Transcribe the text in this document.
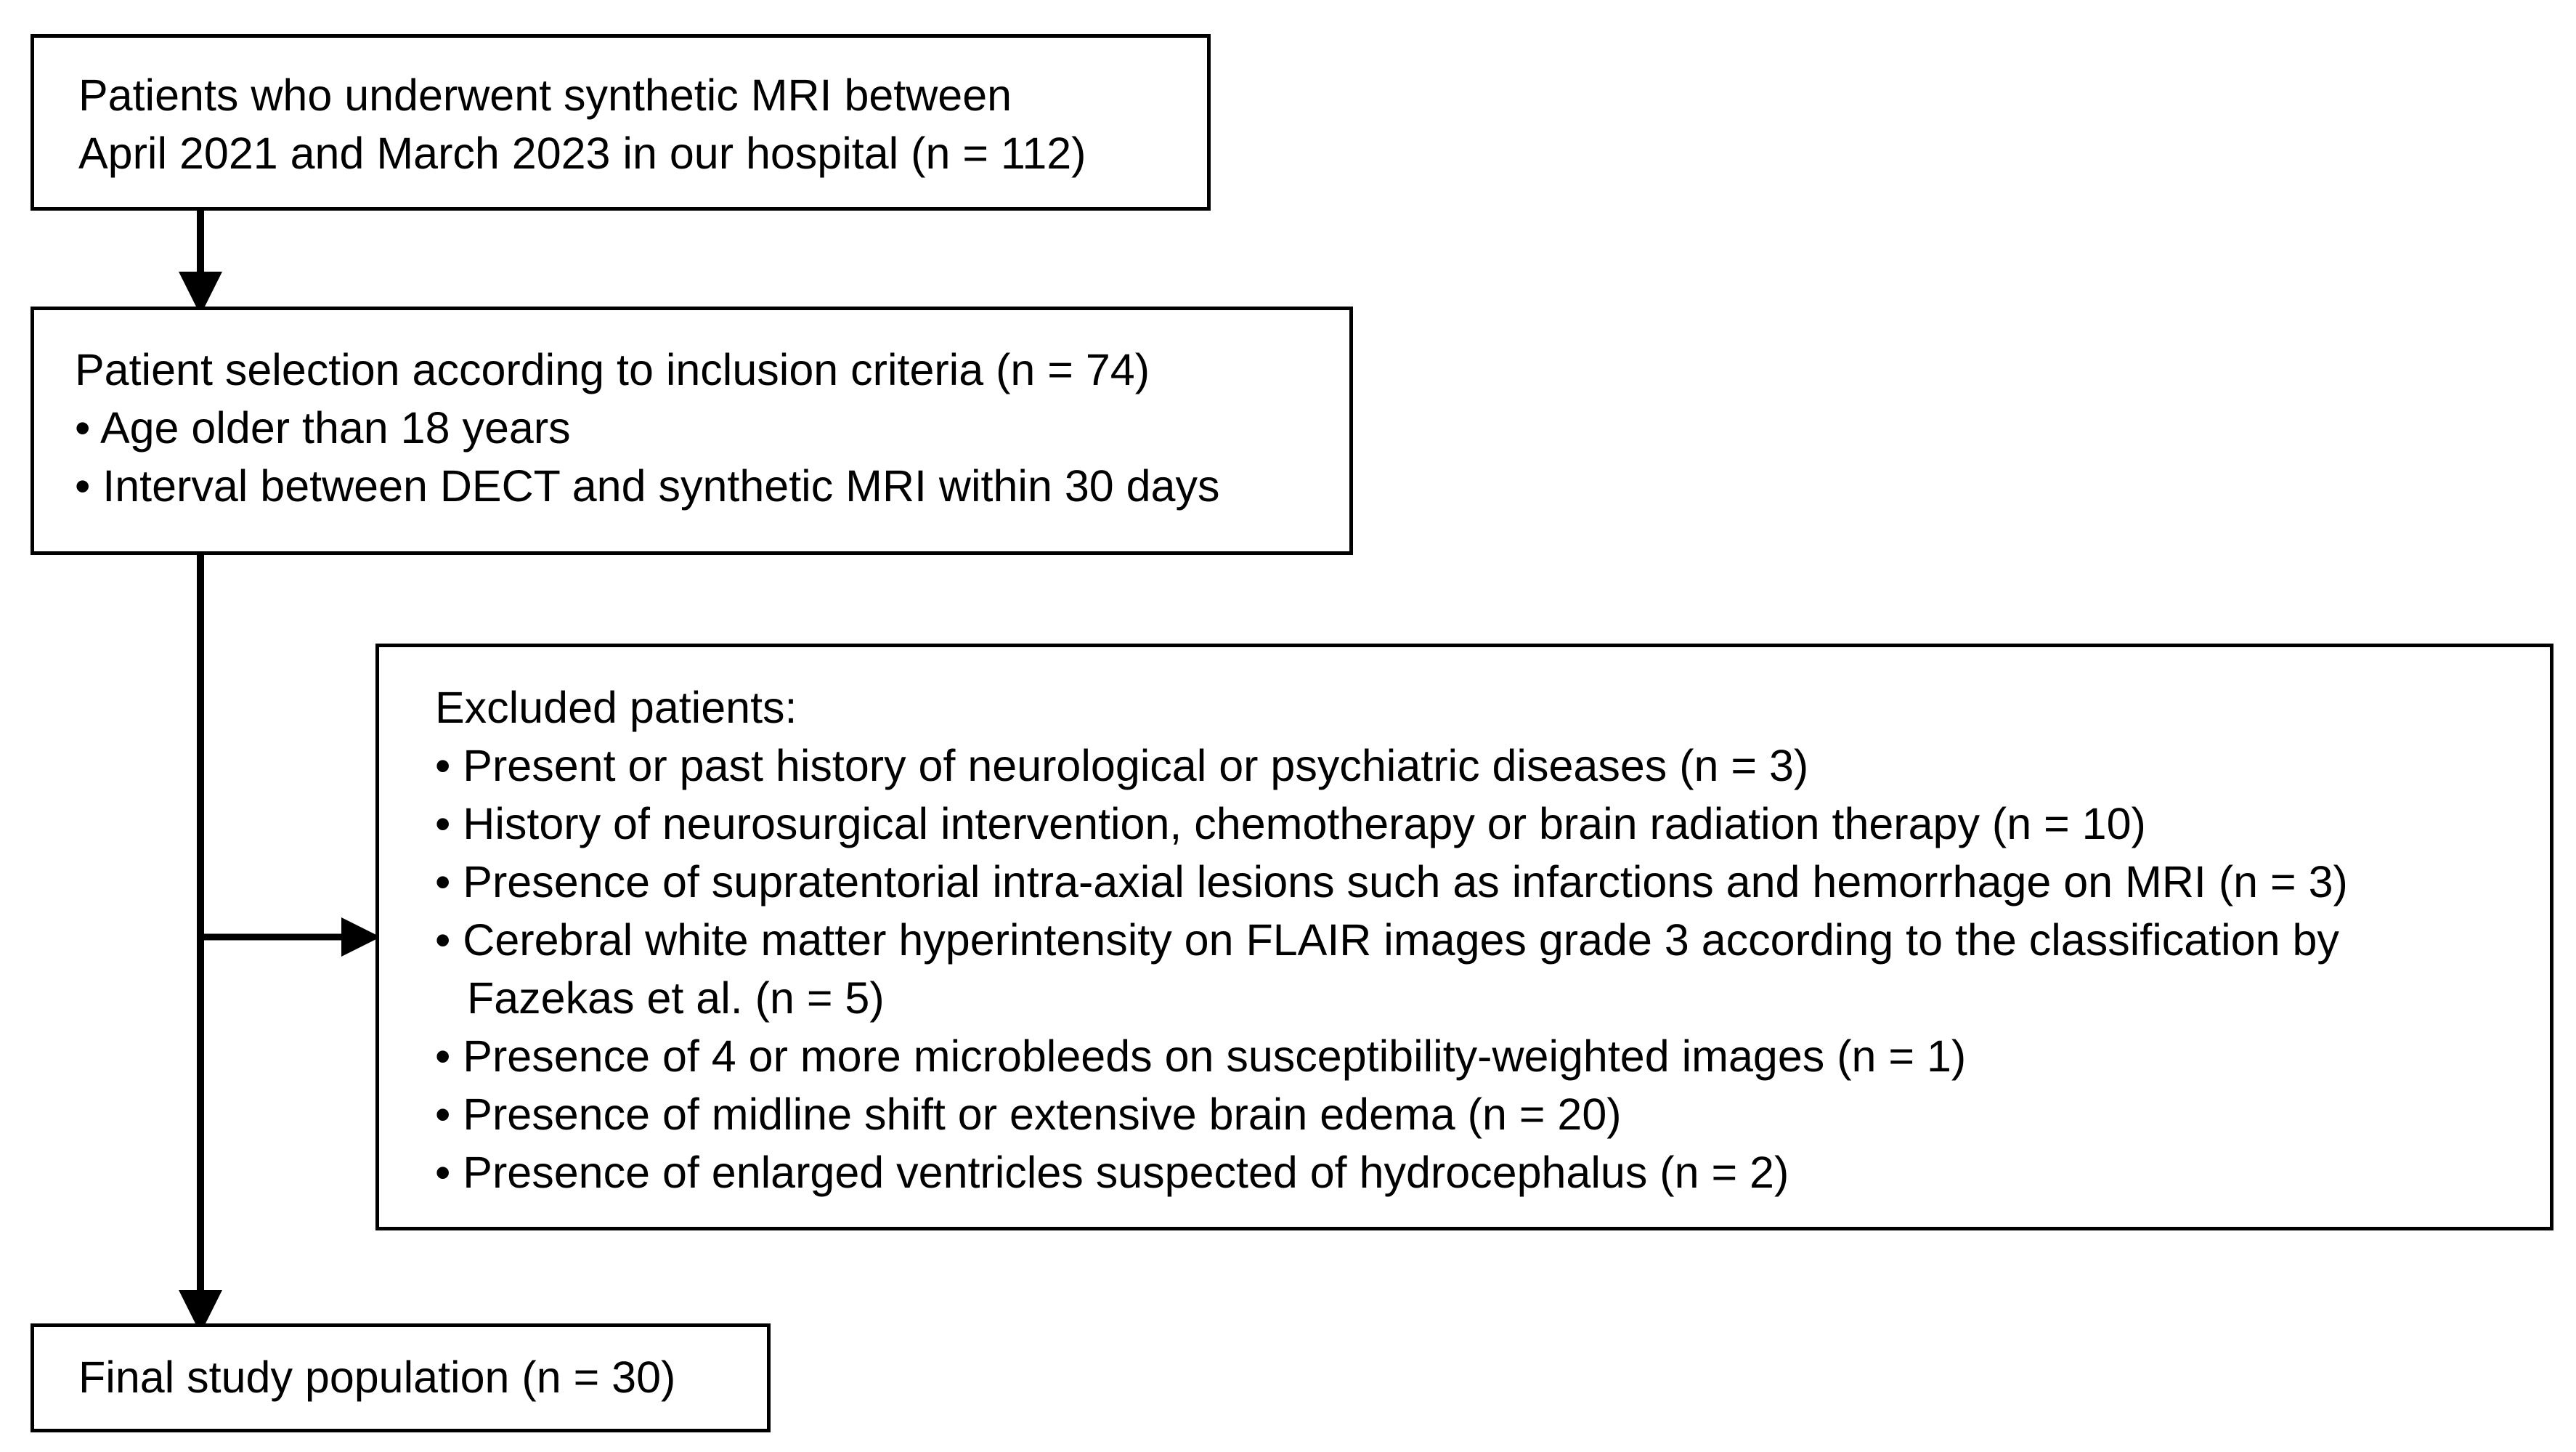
Patients who underwent synthetic MRI between
April 2021 and March 2023 in our hospital (n = 112)
Patient selection according to inclusion criteria (n = 74)
• Age older than 18 years
• Interval between DECT and synthetic MRI within 30 days
Excluded patients:
• Present or past history of neurological or psychiatric diseases (n = 3)
• History of neurosurgical intervention, chemotherapy or brain radiation therapy (n = 10)
• Presence of supratentorial intra-axial lesions such as infarctions and hemorrhage on MRI (n = 3)
• Cerebral white matter hyperintensity on FLAIR images grade 3 according to the classification by
Fazekas et al. (n = 5)
• Presence of 4 or more microbleeds on susceptibility-weighted images (n = 1)
• Presence of midline shift or extensive brain edema (n = 20)
• Presence of enlarged ventricles suspected of hydrocephalus (n = 2)
Final study population (n = 30)
